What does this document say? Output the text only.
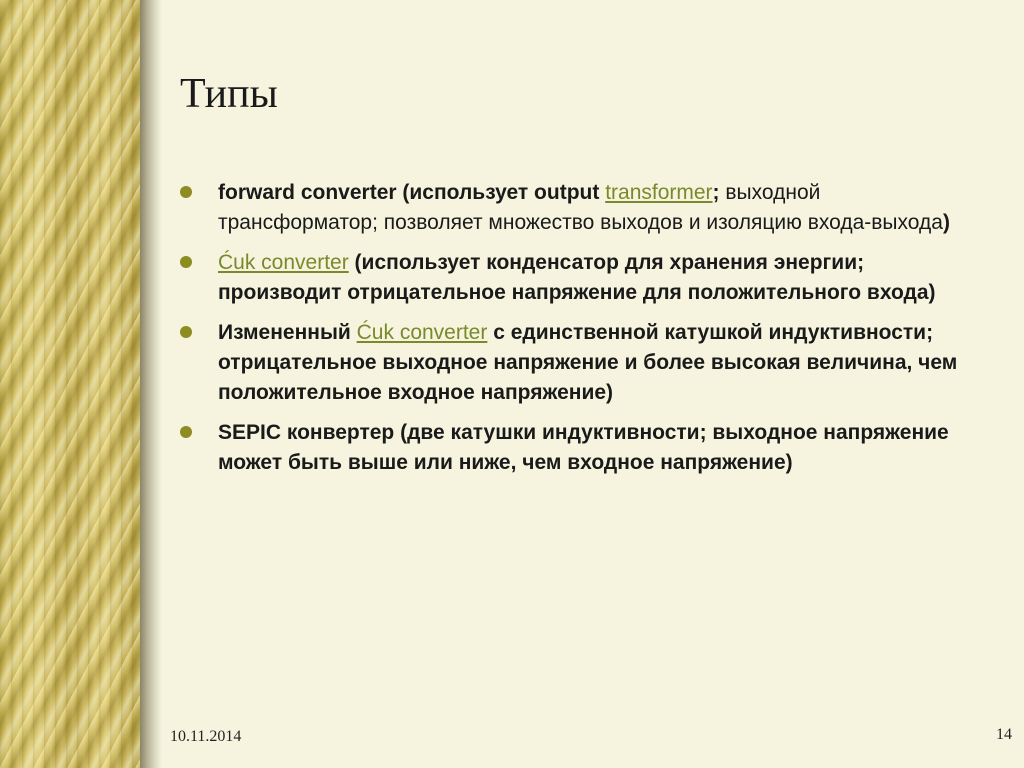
Типы
forward converter (использует output transformer; выходной трансформатор; позволяет множество выходов и изоляцию входа-выхода)
Ćuk converter (использует конденсатор для хранения энергии; производит отрицательное напряжение для положительного входа)
Измененный Ćuk converter с единственной катушкой индуктивности; отрицательное выходное напряжение и более высокая величина, чем положительное входное напряжение)
SEPIC конвертер (две катушки индуктивности; выходное напряжение может быть выше или ниже, чем входное напряжение)
10.11.2014	14
